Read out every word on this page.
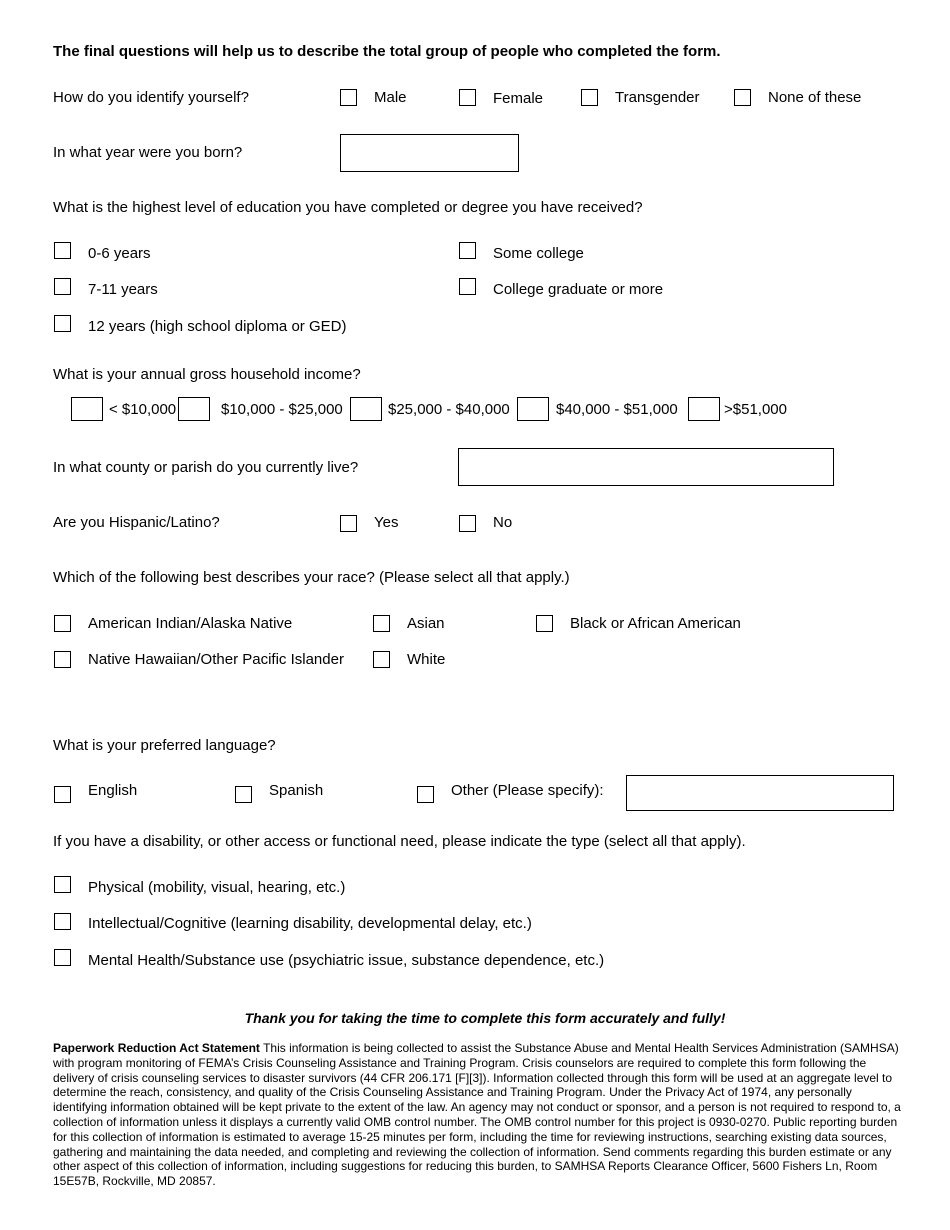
The final questions will help us to describe the total group of people who completed the form.
How do you identify yourself?	Male	Female	Transgender	None of these
In what year were you born?
What is the highest level of education you have completed or degree you have received?
0-6 years
7-11 years
12 years (high school diploma or GED)
Some college
College graduate or more
What is your annual gross household income?
< $10,000	$10,000 - $25,000	$25,000 - $40,000	$40,000 - $51,000	>$51,000
In what county or parish do you currently live?
Are you Hispanic/Latino?	Yes	No
Which of the following best describes your race? (Please select all that apply.)
American Indian/Alaska Native	Asian	Black or African American
Native Hawaiian/Other Pacific Islander	White
What is your preferred language?
English	Spanish	Other (Please specify):
If you have a disability, or other access or functional need, please indicate the type (select all that apply).
Physical (mobility, visual, hearing, etc.)
Intellectual/Cognitive (learning disability, developmental delay, etc.)
Mental Health/Substance use (psychiatric issue, substance dependence, etc.)
Thank you for taking the time to complete this form accurately and fully!
Paperwork Reduction Act Statement This information is being collected to assist the Substance Abuse and Mental Health Services Administration (SAMHSA) with program monitoring of FEMA’s Crisis Counseling Assistance and Training Program. Crisis counselors are required to complete this form following the delivery of crisis counseling services to disaster survivors (44 CFR 206.171 [F][3]). Information collected through this form will be used at an aggregate level to determine the reach, consistency, and quality of the Crisis Counseling Assistance and Training Program. Under the Privacy Act of 1974, any personally identifying information obtained will be kept private to the extent of the law. An agency may not conduct or sponsor, and a person is not required to respond to, a collection of information unless it displays a currently valid OMB control number. The OMB control number for this project is 0930-0270. Public reporting burden for this collection of information is estimated to average 15-25 minutes per form, including the time for reviewing instructions, searching existing data sources, gathering and maintaining the data needed, and completing and reviewing the collection of information. Send comments regarding this burden estimate or any other aspect of this collection of information, including suggestions for reducing this burden, to SAMHSA Reports Clearance Officer, 5600 Fishers Ln, Room 15E57B, Rockville, MD 20857.
